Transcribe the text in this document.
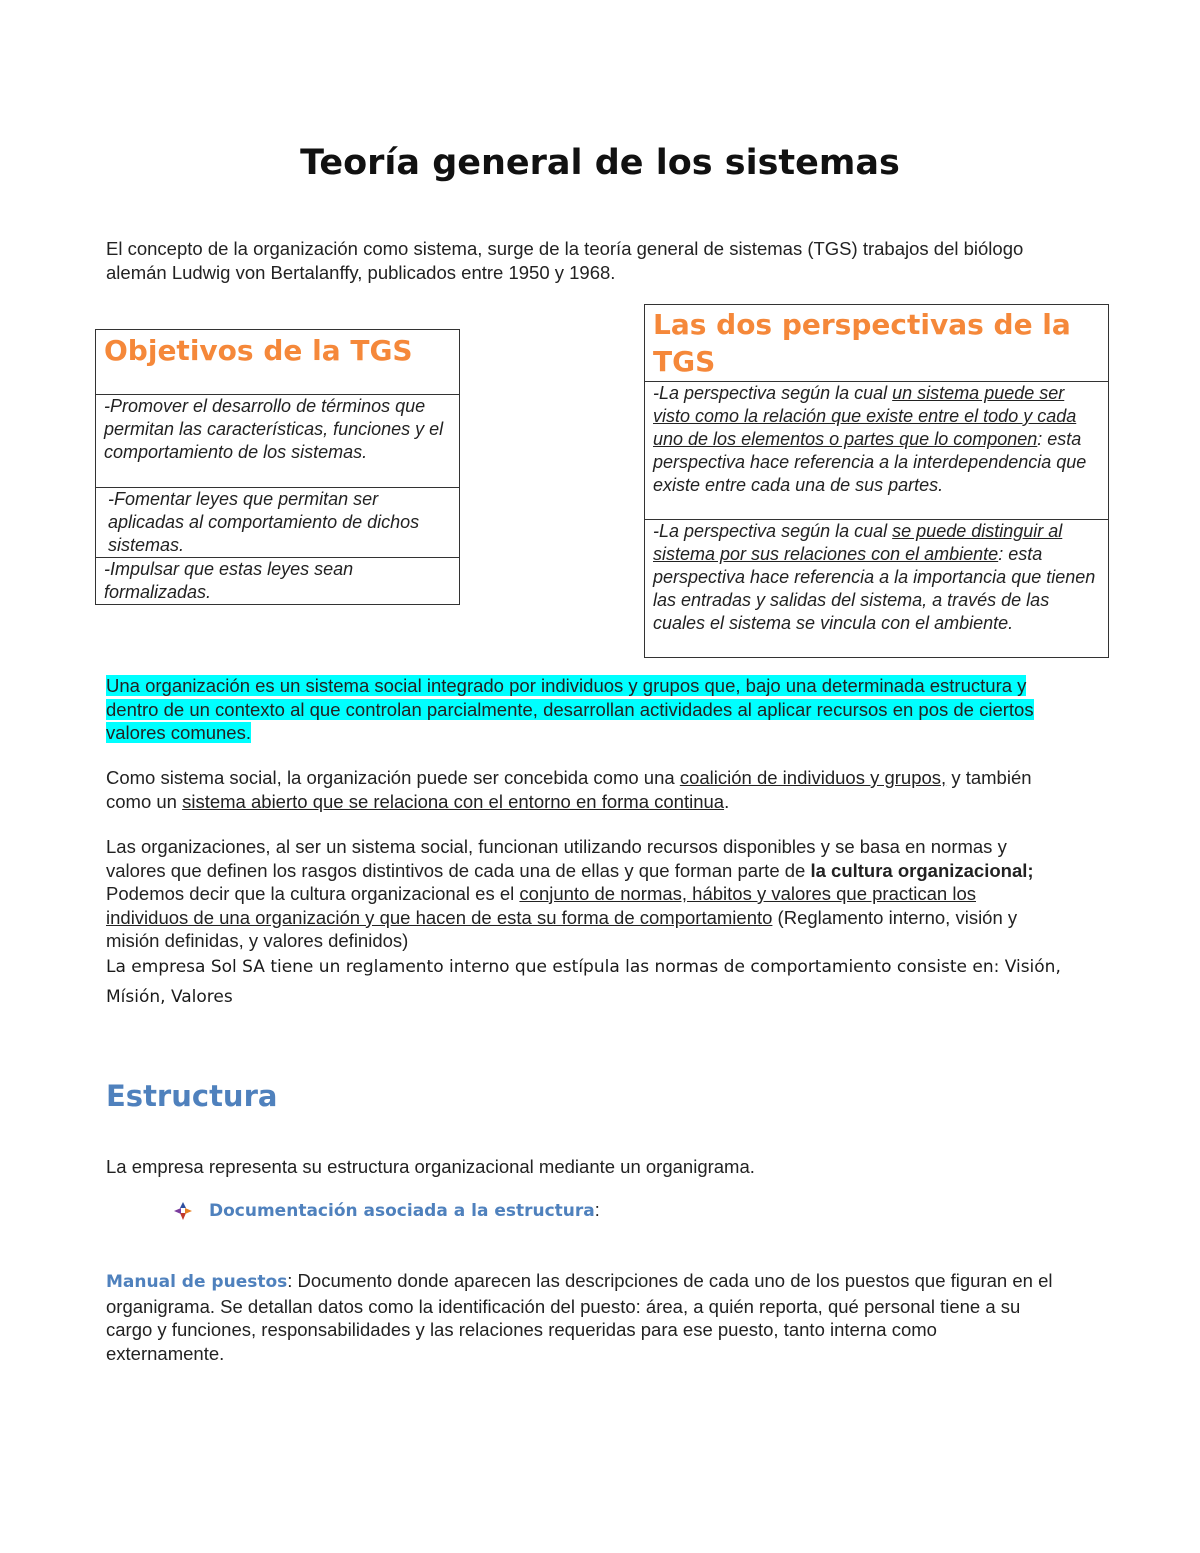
Teoría general de los sistemas
El concepto de la organización como sistema, surge de la teoría general de sistemas (TGS) trabajos del biólogo
alemán Ludwig von Bertalanffy, publicados entre 1950 y 1968.
Objetivos de la TGS

-Promover el desarrollo de términos que permitan las características, funciones y el comportamiento de los sistemas.
-Fomentar leyes que permitan ser aplicadas al comportamiento de dichos sistemas.
-Impulsar que estas leyes sean formalizadas.
Las dos perspectivas de la TGS

-La perspectiva según la cual un sistema puede ser visto como la relación que existe entre el todo y cada uno de los elementos o partes que lo componen: esta perspectiva hace referencia a la interdependencia que existe entre cada una de sus partes.
-La perspectiva según la cual se puede distinguir al sistema por sus relaciones con el ambiente: esta perspectiva hace referencia a la importancia que tienen las entradas y salidas del sistema, a través de las cuales el sistema se vincula con el ambiente.
Una organización es un sistema social integrado por individuos y grupos que, bajo una determinada estructura y
dentro de un contexto al que controlan parcialmente, desarrollan actividades al aplicar recursos en pos de ciertos
valores comunes.
Como sistema social, la organización puede ser concebida como una coalición de individuos y grupos, y también
como un sistema abierto que se relaciona con el entorno en forma continua.
Las organizaciones, al ser un sistema social, funcionan utilizando recursos disponibles y se basa en normas y
valores que definen los rasgos distintivos de cada una de ellas y que forman parte de la cultura organizacional;
Podemos decir que la cultura organizacional es el conjunto de normas, hábitos y valores que practican los
individuos de una organización y que hacen de esta su forma de comportamiento (Reglamento interno, visión y
misión definidas, y valores definidos)
La empresa Sol SA tiene un reglamento interno que estípula las normas de comportamiento consiste en: Visión,
Mísión, Valores
Estructura
La empresa representa su estructura organizacional mediante un organigrama.
Documentación asociada a la estructura :
Manual de puestos: Documento donde aparecen las descripciones de cada uno de los puestos que figuran en el
organigrama. Se detallan datos como la identificación del puesto: área, a quién reporta, qué personal tiene a su
cargo y funciones, responsabilidades y las relaciones requeridas para ese puesto, tanto interna como
externamente.
